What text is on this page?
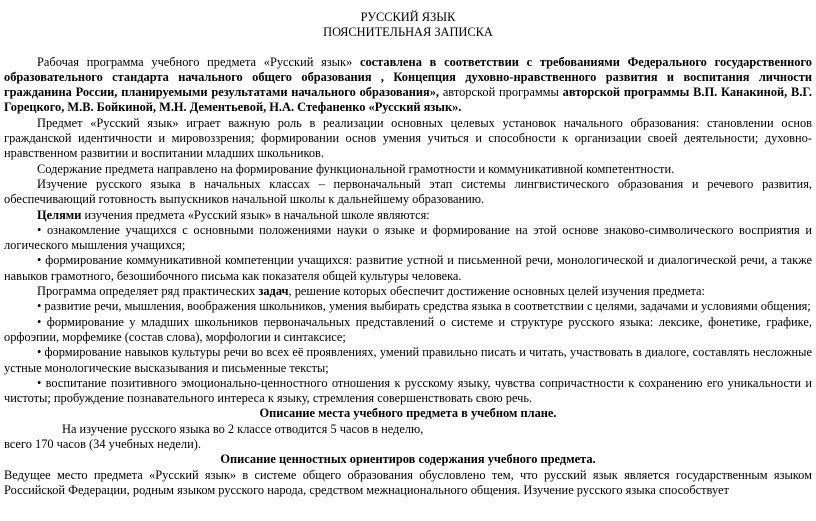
РУССКИЙ ЯЗЫК
ПОЯСНИТЕЛЬНАЯ ЗАПИСКА

Рабочая программа учебного предмета «Русский язык» составлена в соответствии с требованиями Федерального государственного образовательного стандарта начального общего образования , Концепция духовно-нравственного развития и воспитания личности гражданина России, планируемыми результатами начального образования», авторской программы авторской программы В.П. Канакиной, В.Г. Горецкого, М.В. Бойкиной, М.Н. Дементьевой, Н.А. Стефаненко «Русский язык».

Предмет «Русский язык» играет важную роль в реализации основных целевых установок начального образования: становлении основ гражданской идентичности и мировоззрения; формировании основ умения учиться и способности к организации своей деятельности; духовно-нравственном развитии и воспитании младших школьников.

Содержание предмета направлено на формирование функциональной грамотности и коммуникативной компетентности.

Изучение русского языка в начальных классах – первоначальный этап системы лингвистического образования и речевого развития, обеспечивающий готовность выпускников начальной школы к дальнейшему образованию.

Целями изучения предмета «Русский язык» в начальной школе являются:

• ознакомление учащихся с основными положениями науки о языке и формирование на этой основе знаково-символического восприятия и логического мышления учащихся;

• формирование коммуникативной компетенции учащихся: развитие устной и письменной речи, монологической и диалогической речи, а также навыков грамотного, безошибочного письма как показателя общей культуры человека.

Программа определяет ряд практических задач, решение которых обеспечит достижение основных целей изучения предмета:

• развитие речи, мышления, воображения школьников, умения выбирать средства языка в соответствии с целями, задачами и условиями общения;

• формирование у младших школьников первоначальных представлений о системе и структуре русского языка: лексике, фонетике, графике, орфоэпии, морфемике (состав слова), морфологии и синтаксисе;

• формирование навыков культуры речи во всех её проявлениях, умений правильно писать и читать, участвовать в диалоге, составлять несложные устные монологические высказывания и письменные тексты;

• воспитание позитивного эмоционально-ценностного отношения к русскому языку, чувства сопричастности к сохранению его уникальности и чистоты; пробуждение познавательного интереса к языку, стремления совершенствовать свою речь.

Описание места учебного предмета в учебном плане.
На изучение русского языка во 2 классе отводится 5 часов в неделю,
всего 170 часов (34 учебных недели).
Описание ценностных ориентиров содержания учебного предмета.

Ведущее место предмета «Русский язык» в системе общего образования обусловлено тем, что русский язык является государственным языком Российской Федерации, родным языком русского народа, средством межнационального общения. Изучение русского языка способствует
